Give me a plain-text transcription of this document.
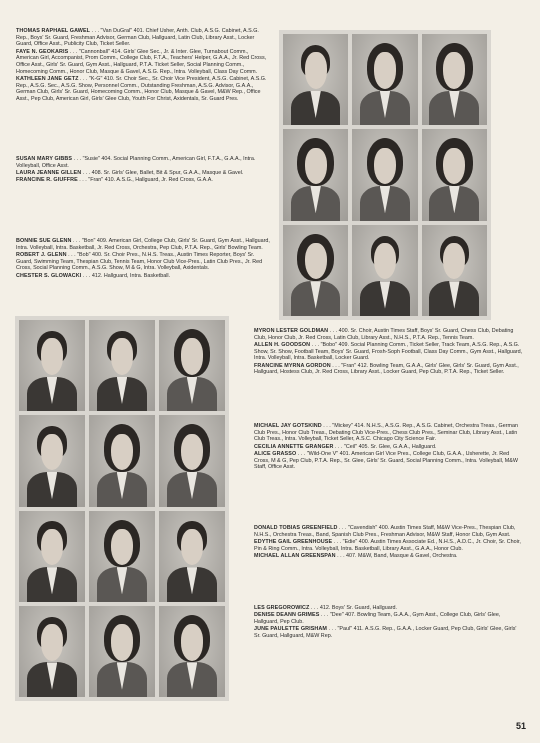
THOMAS RAPHAEL GAWEL . . . "Van DuGral" 401. Chief Usher, Anth. Club, A.S.G. Cabinet, A.S.G. Rep., Boys' Sr. Guard, Freshman Advisor, German Club, Hallguard, Latin Club, Library Asst., Locker Guard, Office Asst., Publicity Club, Ticket Seller.

FAYE N. GEOKARIS . . . "Cannonball" 414. Girls' Glee Sec., Jr. & Inter. Glee, Turnabout Comm., American Girl, Accompanist, Prom Comm., College Club, F.T.A., Teachers' Helper, G.A.A., Jr. Red Cross, Office Asst., Girls' Sr. Guard, Gym Asst., Hallguard, P.T.A. Ticket Seller, Social Planning Comm., Homecoming Comm., Honor Club, Masque & Gavel, A.S.G. Rep., Intra. Volleyball, Class Day Comm.

KATHLEEN JANE GETZ . . . "K-G" 410. Sr. Choir Sec., Sr. Choir Vice President, A.S.G. Cabinet, A.S.G. Rep., A.S.G. Sec., A.S.G. Show, Personnel Comm., Outstanding Freshman, A.S.G. Advisor, G.A.A., German Club, Girls' Sr. Guard, Homecoming Comm., Honor Club, Masque & Gavel, M&W Rep., Office Asst., Pep Club, American Girl, Girls' Glee Club, Youth For Christ, Axidentals, Sr. Guard Pres.

SUSAN MARY GIBBS . . . "Susie" 404. Social Planning Comm., American Girl, F.T.A., G.A.A., Intra. Volleyball, Office Asst.

LAURA JEANNE GILLEN . . . 408. Sr. Girls' Glee, Ballet, Bit & Spur, G.A.A., Masque & Gavel.

FRANCINE R. GIUFFRE . . . "Fran" 410. A.S.G., Hallguard, Jr. Red Cross, G.A.A.

BONNIE SUE GLENN . . . "Bon" 409. American Girl, College Club, Girls' Sr. Guard, Gym Asst., Hallguard, Intra. Volleyball, Intra. Basketball, Jr. Red Cross, Orchestra, Pep Club, P.T.A. Rep., Girls' Bowling Team.

ROBERT J. GLENN . . . "Bob" 400. Sr. Choir Pres., N.H.S. Treas., Austin Times Reporter, Boys' Sr. Guard, Swimming Team, Thespian Club, Tennis Team, Honor Club Vice-Pres., Latin Club Pres., Jr. Red Cross, Social Planning Comm., A.S.G. Show, M & G, Intra. Volleyball, Axidentals.

CHESTER S. GLOWACKI . . . 412. Hallguard, Intra. Basketball.

MYRON LESTER GOLDMAN . . . 400. Sr. Choir, Austin Times Staff, Boys' Sr. Guard, Chess Club, Debating Club, Honor Club, Jr. Red Cross, Latin Club, Library Asst., N.H.S., P.T.A. Rep., Tennis Team.

ALLEN H. GOODSON . . . "Bobo" 409. Social Planning Comm., Ticket Seller, Track Team, A.S.G. Rep., A.S.G. Show, Sr. Show, Football Team, Boys' Sr. Guard, Frosh-Soph Football, Class Day Comm., Gym Asst., Hallguard, Intra. Volleyball, Intra. Basketball, Locker Guard.

FRANCINE MYRNA GORDON . . . "Fran" 412. Bowling Team, G.A.A., Girls' Glee, Girls' Sr. Guard, Gym Asst., Hallguard, Hostess Club, Jr. Red Cross, Library Asst., Locker Guard, Pep Club, P.T.A. Rep., Ticket Seller.

MICHAEL JAY GOTSKIND . . . "Mickey" 414. N.H.S., A.S.G. Rep., A.S.G. Cabinet, Orchestra Treas., German Club Pres., Honor Club Treas., Debating Club Vice-Pres., Chess Club Pres., Seminar Club, Library Asst., Latin Club Treas., Intra. Volleyball, Ticket Seller, A.S.C. Chicago City Science Fair.

CECILIA ANNETTE GRANGER . . . "Ceil" 405. Sr. Glee, G.A.A., Hallguard.

ALICE GRASSO . . . "Wild-One V" 401. American Girl Vice Pres., College Club, G.A.A., Usherette, Jr. Red Cross, M & G, Pep Club, P.T.A. Rep., Sr. Glee, Girls' Sr. Guard, Social Planning Comm., Intra. Volleyball, M&W Staff, Office Asst.

DONALD TOBIAS GREENFIELD . . . "Cavendish" 400. Austin Times Staff, M&W Vice-Pres., Thespian Club, N.H.S., Orchestra Treas., Band, Spanish Club Pres., Freshman Advisor, M&W Staff, Honor Club, Gym Asst.

EDYTHE GAIL GREENHOUSE . . . "Edie" 400. Austin Times Associate Ed., N.H.S., A.D.C., Jr. Choir, Sr. Choir, Pin & Ring Comm., Intra. Volleyball, Intra. Basketball, Library Asst., G.A.A., Honor Club.

MICHAEL ALLAN GREENSPAN . . . 407. M&W, Band, Masque & Gavel, Orchestra.

LES GREGOROWICZ . . . 412. Boys' Sr. Guard, Hallguard.

DENISE DEANN GRIMES . . . "Dee" 407. Bowling Team, G.A.A., Gym Asst., College Club, Girls' Glee, Hallguard, Pep Club.

JUNE PAULETTE GRISHAM . . . "Paul" 411. A.S.G. Rep., G.A.A., Locker Guard, Pep Club, Girls' Glee, Girls' Sr. Guard, Hallguard, M&W Rep.

51
